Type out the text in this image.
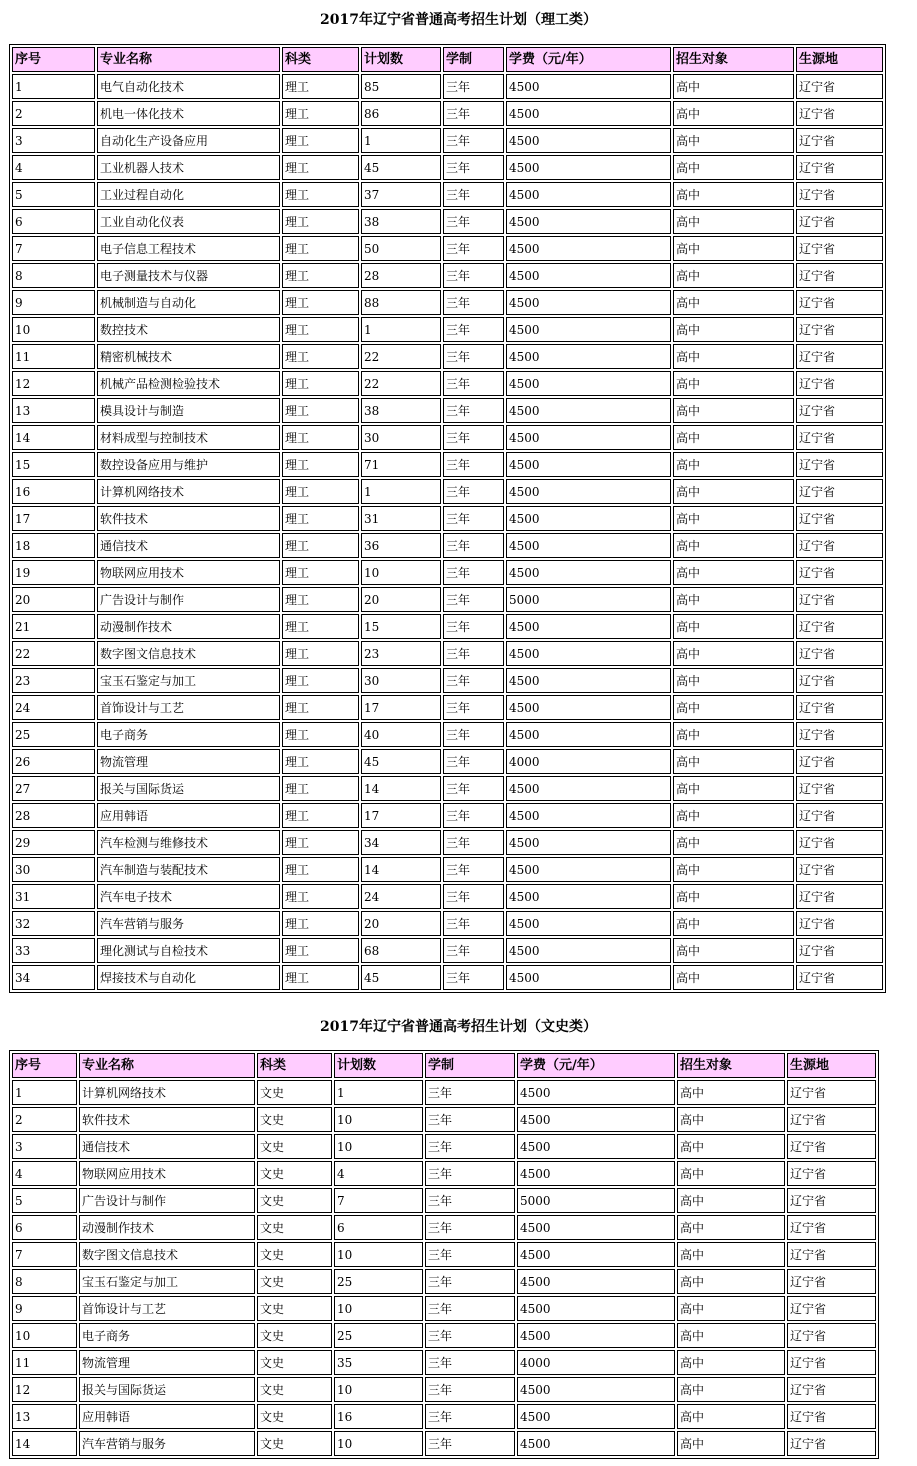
2017年辽宁省普通高考招生计划（理工类）
序号	专业名称	科类	计划数	学制	学费（元/年）	招生对象	生源地
1	电气自动化技术	理工	85	三年	4500	高中	辽宁省
2	机电一体化技术	理工	86	三年	4500	高中	辽宁省
3	自动化生产设备应用	理工	1	三年	4500	高中	辽宁省
4	工业机器人技术	理工	45	三年	4500	高中	辽宁省
5	工业过程自动化	理工	37	三年	4500	高中	辽宁省
6	工业自动化仪表	理工	38	三年	4500	高中	辽宁省
7	电子信息工程技术	理工	50	三年	4500	高中	辽宁省
8	电子测量技术与仪器	理工	28	三年	4500	高中	辽宁省
9	机械制造与自动化	理工	88	三年	4500	高中	辽宁省
10	数控技术	理工	1	三年	4500	高中	辽宁省
11	精密机械技术	理工	22	三年	4500	高中	辽宁省
12	机械产品检测检验技术	理工	22	三年	4500	高中	辽宁省
13	模具设计与制造	理工	38	三年	4500	高中	辽宁省
14	材料成型与控制技术	理工	30	三年	4500	高中	辽宁省
15	数控设备应用与维护	理工	71	三年	4500	高中	辽宁省
16	计算机网络技术	理工	1	三年	4500	高中	辽宁省
17	软件技术	理工	31	三年	4500	高中	辽宁省
18	通信技术	理工	36	三年	4500	高中	辽宁省
19	物联网应用技术	理工	10	三年	4500	高中	辽宁省
20	广告设计与制作	理工	20	三年	5000	高中	辽宁省
21	动漫制作技术	理工	15	三年	4500	高中	辽宁省
22	数字图文信息技术	理工	23	三年	4500	高中	辽宁省
23	宝玉石鉴定与加工	理工	30	三年	4500	高中	辽宁省
24	首饰设计与工艺	理工	17	三年	4500	高中	辽宁省
25	电子商务	理工	40	三年	4500	高中	辽宁省
26	物流管理	理工	45	三年	4000	高中	辽宁省
27	报关与国际货运	理工	14	三年	4500	高中	辽宁省
28	应用韩语	理工	17	三年	4500	高中	辽宁省
29	汽车检测与维修技术	理工	34	三年	4500	高中	辽宁省
30	汽车制造与装配技术	理工	14	三年	4500	高中	辽宁省
31	汽车电子技术	理工	24	三年	4500	高中	辽宁省
32	汽车营销与服务	理工	20	三年	4500	高中	辽宁省
33	理化测试与自检技术	理工	68	三年	4500	高中	辽宁省
34	焊接技术与自动化	理工	45	三年	4500	高中	辽宁省
2017年辽宁省普通高考招生计划（文史类）
序号	专业名称	科类	计划数	学制	学费（元/年）	招生对象	生源地
1	计算机网络技术	文史	1	三年	4500	高中	辽宁省
2	软件技术	文史	10	三年	4500	高中	辽宁省
3	通信技术	文史	10	三年	4500	高中	辽宁省
4	物联网应用技术	文史	4	三年	4500	高中	辽宁省
5	广告设计与制作	文史	7	三年	5000	高中	辽宁省
6	动漫制作技术	文史	6	三年	4500	高中	辽宁省
7	数字图文信息技术	文史	10	三年	4500	高中	辽宁省
8	宝玉石鉴定与加工	文史	25	三年	4500	高中	辽宁省
9	首饰设计与工艺	文史	10	三年	4500	高中	辽宁省
10	电子商务	文史	25	三年	4500	高中	辽宁省
11	物流管理	文史	35	三年	4000	高中	辽宁省
12	报关与国际货运	文史	10	三年	4500	高中	辽宁省
13	应用韩语	文史	16	三年	4500	高中	辽宁省
14	汽车营销与服务	文史	10	三年	4500	高中	辽宁省
